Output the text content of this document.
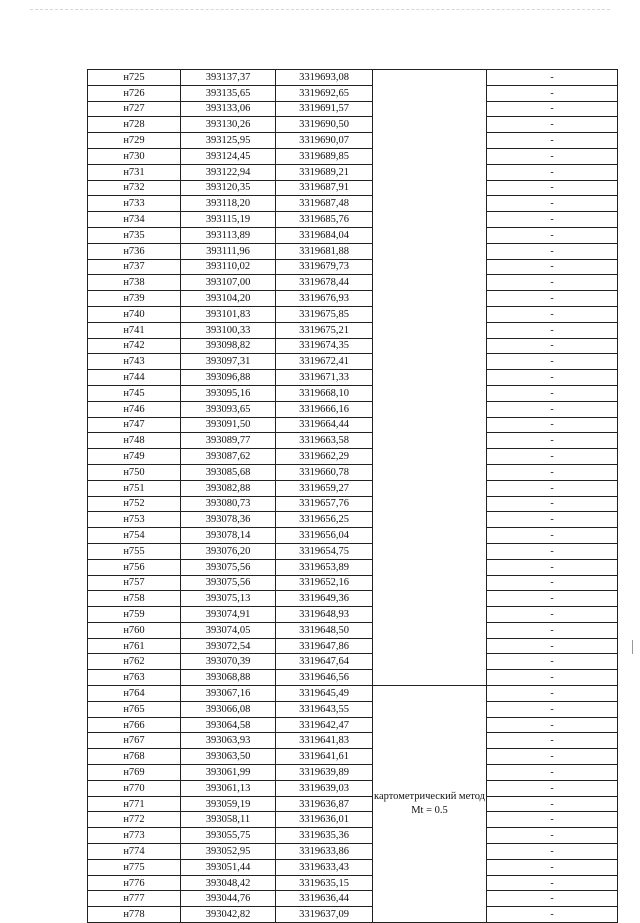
н725	393137,37	3319693,08		-
н726	393135,65	3319692,65		-
н727	393133,06	3319691,57		-
н728	393130,26	3319690,50		-
н729	393125,95	3319690,07		-
н730	393124,45	3319689,85		-
н731	393122,94	3319689,21		-
н732	393120,35	3319687,91		-
н733	393118,20	3319687,48		-
н734	393115,19	3319685,76		-
н735	393113,89	3319684,04		-
н736	393111,96	3319681,88		-
н737	393110,02	3319679,73		-
н738	393107,00	3319678,44		-
н739	393104,20	3319676,93		-
н740	393101,83	3319675,85		-
н741	393100,33	3319675,21		-
н742	393098,82	3319674,35		-
н743	393097,31	3319672,41		-
н744	393096,88	3319671,33		-
н745	393095,16	3319668,10		-
н746	393093,65	3319666,16		-
н747	393091,50	3319664,44		-
н748	393089,77	3319663,58		-
н749	393087,62	3319662,29		-
н750	393085,68	3319660,78		-
н751	393082,88	3319659,27		-
н752	393080,73	3319657,76		-
н753	393078,36	3319656,25		-
н754	393078,14	3319656,04		-
н755	393076,20	3319654,75		-
н756	393075,56	3319653,89		-
н757	393075,56	3319652,16		-
н758	393075,13	3319649,36		-
н759	393074,91	3319648,93		-
н760	393074,05	3319648,50		-
н761	393072,54	3319647,86		-
н762	393070,39	3319647,64		-
н763	393068,88	3319646,56		-
н764	393067,16	3319645,49	картометрический метод Mt = 0.5	-
н765	393066,08	3319643,55		-
н766	393064,58	3319642,47		-
н767	393063,93	3319641,83		-
н768	393063,50	3319641,61		-
н769	393061,99	3319639,89		-
н770	393061,13	3319639,03		-
н771	393059,19	3319636,87		-
н772	393058,11	3319636,01		-
н773	393055,75	3319635,36		-
н774	393052,95	3319633,86		-
н775	393051,44	3319633,43		-
н776	393048,42	3319635,15		-
н777	393044,76	3319636,44		-
н778	393042,82	3319637,09		-
